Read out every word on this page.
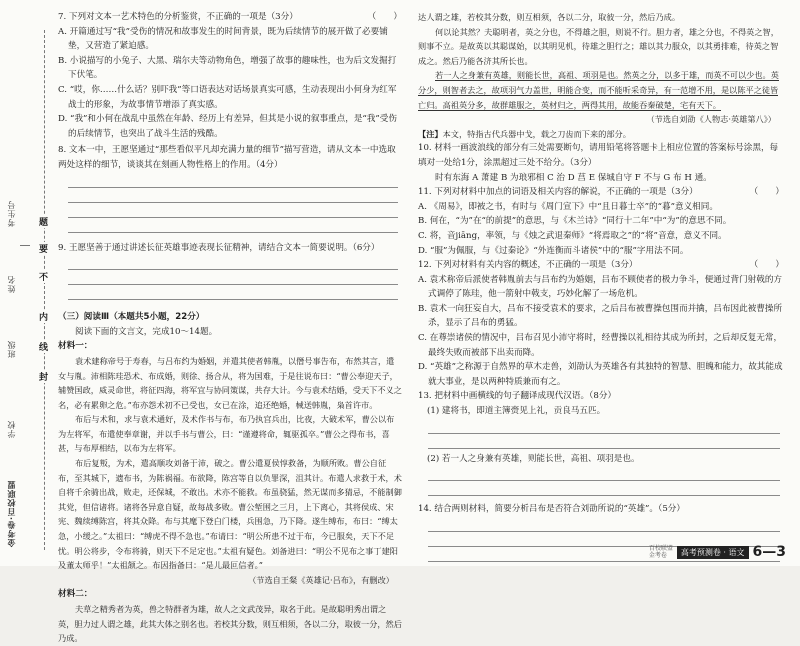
考生号
姓名
班级
学校
金考卷·百校联盟
题
要
不
内
线
封
（　　）
7. 下列对文本一艺术特色的分析鉴赏，不正确的一项是（3分）
A. 开篇通过写“我”受伤的情况和故事发生的时间背景，既为后续情节的展开做了必要铺垫，又营造了紧迫感。
B. 小说描写的小兔子、大黑、瑞尔夫等动物角色，增强了故事的趣味性，也为后文发掘打下伏笔。
C. “哎，你……什么话？别吓我”等口语表达对话场景真实可感，生动表现出小何身为红军战士的形象，为故事情节增添了真实感。
D. “我”和小何在战乱中虽然在年龄、经历上有差异，但其是小说的叙事重点，是“我”受伤的后续情节，也突出了战斗生活的残酷。
8. 文本一中，王愿坚通过“那些看似平凡却充满力量的细节”描写营造，请从文本一中选取两处这样的细节，谈谈其在刻画人物性格上的作用。（4分）
9. 王愿坚善于通过讲述长征英雄事迹表现长征精神，请结合文本一简要说明。（6分）
（三）阅读Ⅲ（本题共5小题，22分）
阅读下面的文言文，完成10～14题。
材料一：
袁术建称帝号于寿春，与吕布约为婚姻，并遣其使者韩胤，以僭号事告布，布然其言，遣女与胤。沛相陈珪恐术、布成婚，则徐、扬合从，将为国难，于是往说布曰：“曹公奉迎天子，辅赞国政，威灵命世，将征四海，将军宜与协同策谋，共存大计。今与袁术结婚，受天下不义之名，必有累卵之危。”布亦怨术初不已受也，女已在涂，追还绝婚，械送韩胤，枭首许市。
布后与术和，求与袁术通好，及术作书与布，布乃执宫兵出，比夜，大破术军，曹公以布为左将军，布遣使奉章谢，并以手书与曹公，曰：“谨遵将命，辄驱孤卒。”曹公之得布书，喜甚，与布厚相结，以布为左将军。
布后复叛，为术，遣高顺攻刘备于沛，破之。曹公遣夏侯惇救备，为顺所败。曹公自征布，至其城下，遗布书，为陈祸福。布欲降，陈宫等自以负罪深，沮其计。布遣人求救于术，术自将千余骑出战，败走，还保城，不敢出。术亦不能救。布虽骁猛，然无谋而多猜忌，不能制御其党，但信诸将。诸将各异意自疑，故每战多败。曹公堑围之三月，上下离心，其将侯成、宋宪、魏续缚陈宫，将其众降。布与其麾下登白门楼，兵围急，乃下降。遂生缚布，布曰：“缚太急，小缓之。”太祖曰：“缚虎不得不急也。”布请曰：“明公所患不过于布，今已服矣，天下不足忧。明公将步，令布将骑，则天下不足定也。”太祖有疑色。刘备进曰：“明公不见布之事丁建阳及董太师乎！”太祖颔之。布因指备曰：“是儿最叵信者。”
（节选自王粲《英雄记·吕布》，有删改）
材料二：
夫草之精秀者为英，兽之特群者为雄，故人之文武茂异，取名于此。是故聪明秀出谓之英，胆力过人谓之雄，此其大体之别名也。若校其分数，则互相须，各以二分，取彼一分，然后乃成。
达人谓之雄，若校其分数，则互相须，各以二分，取彼一分，然后乃成。
何以论其然？夫聪明者，英之分也，不得雄之胆，则说不行。胆力者，雄之分也，不得英之智，则事不立。是故英以其聪谋始，以其明见机，待雄之胆行之；雄以其力服众，以其勇排难，待英之智成之。然后乃能各济其所长也。
若一人之身兼有英雄，则能长世，高祖、项羽是也。然英之分，以多于雄，而英不可以少也。英分少，则智者去之，故项羽气力盖世，明能合变，而不能听采奇异，有一范增不用，是以陈平之徒皆亡归。高祖英分多，故群雄服之，英材归之，两得其用，故能吞秦破楚，宅有天下。
（节选自刘劭《人物志·英雄第八》）
【注】本文，特指古代兵器中戈，载之刀齿而下来的部分。
10. 材料一画波浪线的部分有三处需要断句，请用铅笔将答题卡上相应位置的答案标号涂黑，每填对一处给1分，涂黑超过三处不给分。（3分）
时有东海 A 萧建 B 为琅邪相 C 治 D 莒 E 保城自守 F 不与 G 布 H 通。
（　　）
11. 下列对材料中加点的词语及相关内容的解说，不正确的一项是（3分）
A. 《周易》，即被之书，有时与《周门宣下》中“且日暮士卒”的“暮”意义相同。
B. 何在，“为”在“的前提”的意思，与《木兰诗》“同行十二年”中“为”的意思不同。
C. 将，音jiāng，率领，与《烛之武退秦师》“将焉取之”的“将”音意，意义不同。
D. “服”为佩服，与《过秦论》“外连衡而斗诸侯”中的“服”字用法不同。
（　　）
12. 下列对材料有关内容的概述，不正确的一项是（3分）
A. 袁术称帝后派使者韩胤前去与吕布约为婚姻，吕布不顾使者的极力争斗，便通过背门射戟的方式调停了陈珪，他一箭射中戟支，巧妙化解了一场危机。
B. 袁术一向狂妄自大，吕布不接受袁术的要求，之后吕布被曹操包围而并擒，吕布因此被曹操所杀，显示了吕布的勇猛。
C. 在尊崇诸侯的情况中，吕布召见小沛守将时，经曹操以礼相待其成为所封，之后却反复无常，最终失败而被部下出卖而降。
D. “英雄”之称源于自然界的草木走兽，刘劭认为英雄各有其独特的智慧、胆魄和能力，故其能成就大事业，是以两种特质兼而有之。
13. 把材料中画横线的句子翻译成现代汉语。（8分）
(1) 建将书，即道主簿赍见上礼，贡良马五匹。
(2) 若一人之身兼有英雄，则能长世，高祖、项羽是也。
14. 结合两则材料，简要分析吕布是否符合刘劭所说的“英雄”。（5分）
百校联盟
金考卷	高考预测卷 · 语文 6—3
